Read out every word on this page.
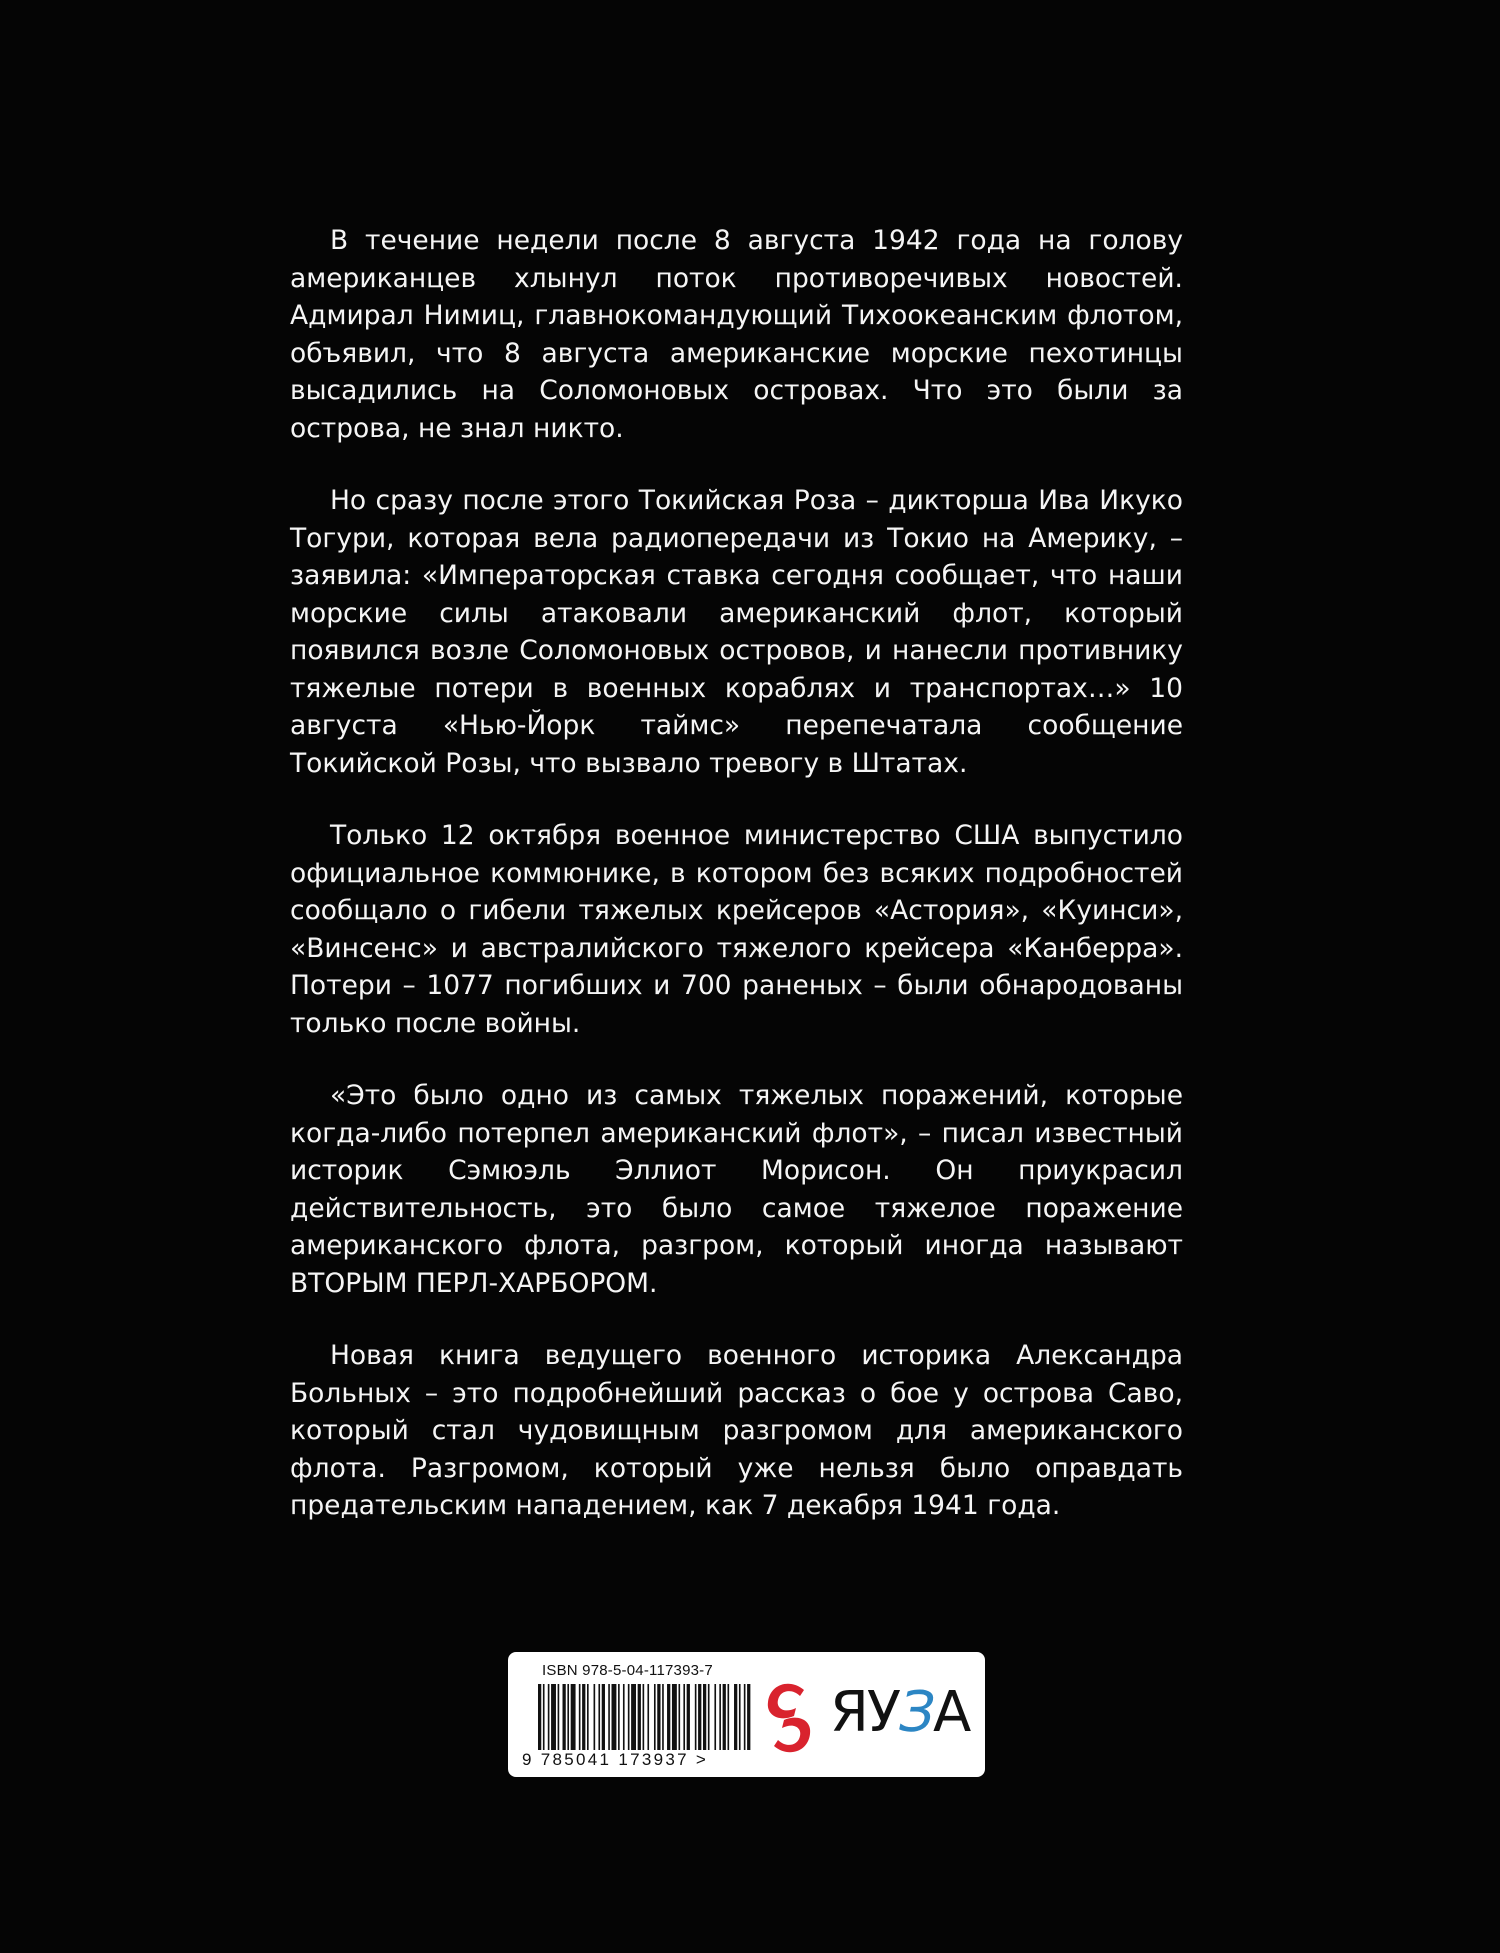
В течение недели после 8 августа 1942 года на голову американцев хлынул поток противоречивых новостей. Адмирал Нимиц, главнокомандующий Тихоокеанским флотом, объявил, что 8 августа американские морские пехотинцы высадились на Соломоновых островах. Что это были за острова, не знал никто.

Но сразу после этого Токийская Роза – дикторша Ива Икуко Тогури, которая вела радиопередачи из Токио на Америку, – заявила: «Императорская ставка сегодня сообщает, что наши морские силы атаковали американский флот, который появился возле Соломоновых островов, и нанесли противнику тяжелые потери в военных кораблях и транспортах…» 10 августа «Нью-Йорк таймс» перепечатала сообщение Токийской Розы, что вызвало тревогу в Штатах.

Только 12 октября военное министерство США выпустило официальное коммюнике, в котором без всяких подробностей сообщало о гибели тяжелых крейсеров «Астория», «Куинси», «Винсенс» и австралийского тяжелого крейсера «Канберра». Потери – 1077 погибших и 700 раненых – были обнародованы только после войны.

«Это было одно из самых тяжелых поражений, которые когда-либо потерпел американский флот», – писал известный историк Сэмюэль Эллиот Морисон. Он приукрасил действительность, это было самое тяжелое поражение американского флота, разгром, который иногда называют ВТОРЫМ ПЕРЛ-ХАРБОРОМ.

Новая книга ведущего военного историка Александра Больных – это подробнейший рассказ о бое у острова Саво, который стал чудовищным разгромом для американского флота. Разгромом, который уже нельзя было оправдать предательским нападением, как 7 декабря 1941 года.

ISBN 978-5-04-117393-7
9 785041 173937 >
ЯУЗА
